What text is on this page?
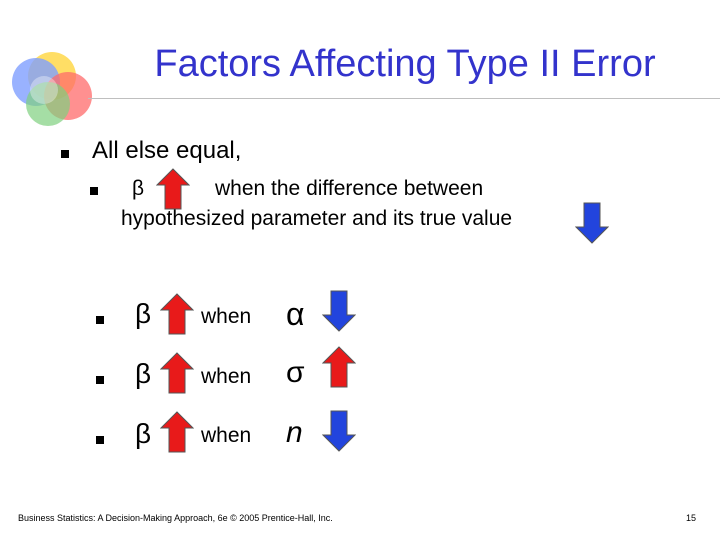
Factors Affecting Type II Error
All else equal,
β	when the difference between
hypothesized parameter and its true value
β when α
β when σ
β when n
Business Statistics: A Decision-Making Approach, 6e © 2005 Prentice-Hall, Inc.	15
